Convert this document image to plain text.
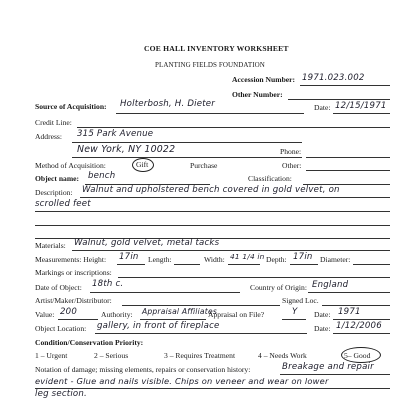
COE HALL INVENTORY WORKSHEET
PLANTING FIELDS FOUNDATION
Accession Number: 1971.023.002
Other Number:
Source of Acquisition: Holterbosh, H. Dieter	Date: 12/15/1971
Credit Line:
Address: 315 Park Avenue
New York, NY 10022	Phone:
Method of Acquisition:	Gift	Purchase	Other:
Object name: bench	Classification:
Description: Walnut and upholstered bench covered in gold velvet, on
scrolled feet
Materials: Walnut, gold velvet, metal tacks
Measurements: Height: 17in Length:	Width: 41 1/4 in Depth: 17in Diameter:
Markings or inscriptions:
Date of Object: 18th c.	Country of Origin: England
Artist/Maker/Distributor:	Signed Loc.
Value: 200	Authority: Appraisal Affiliates
Appraisal on File?	Y Date: 1971
Object Location: gallery, in front of fireplace	Date: 1/12/2006
Condition/Conservation Priority:
1 – Urgent	2 – Serious	3 – Requires Treatment	4 – Needs Work	5– Good
Notation of damage; missing elements, repairs or conservation history:	Breakage and repair
evident - Glue and nails visible. Chips on veneer and wear on lower
leg section.
